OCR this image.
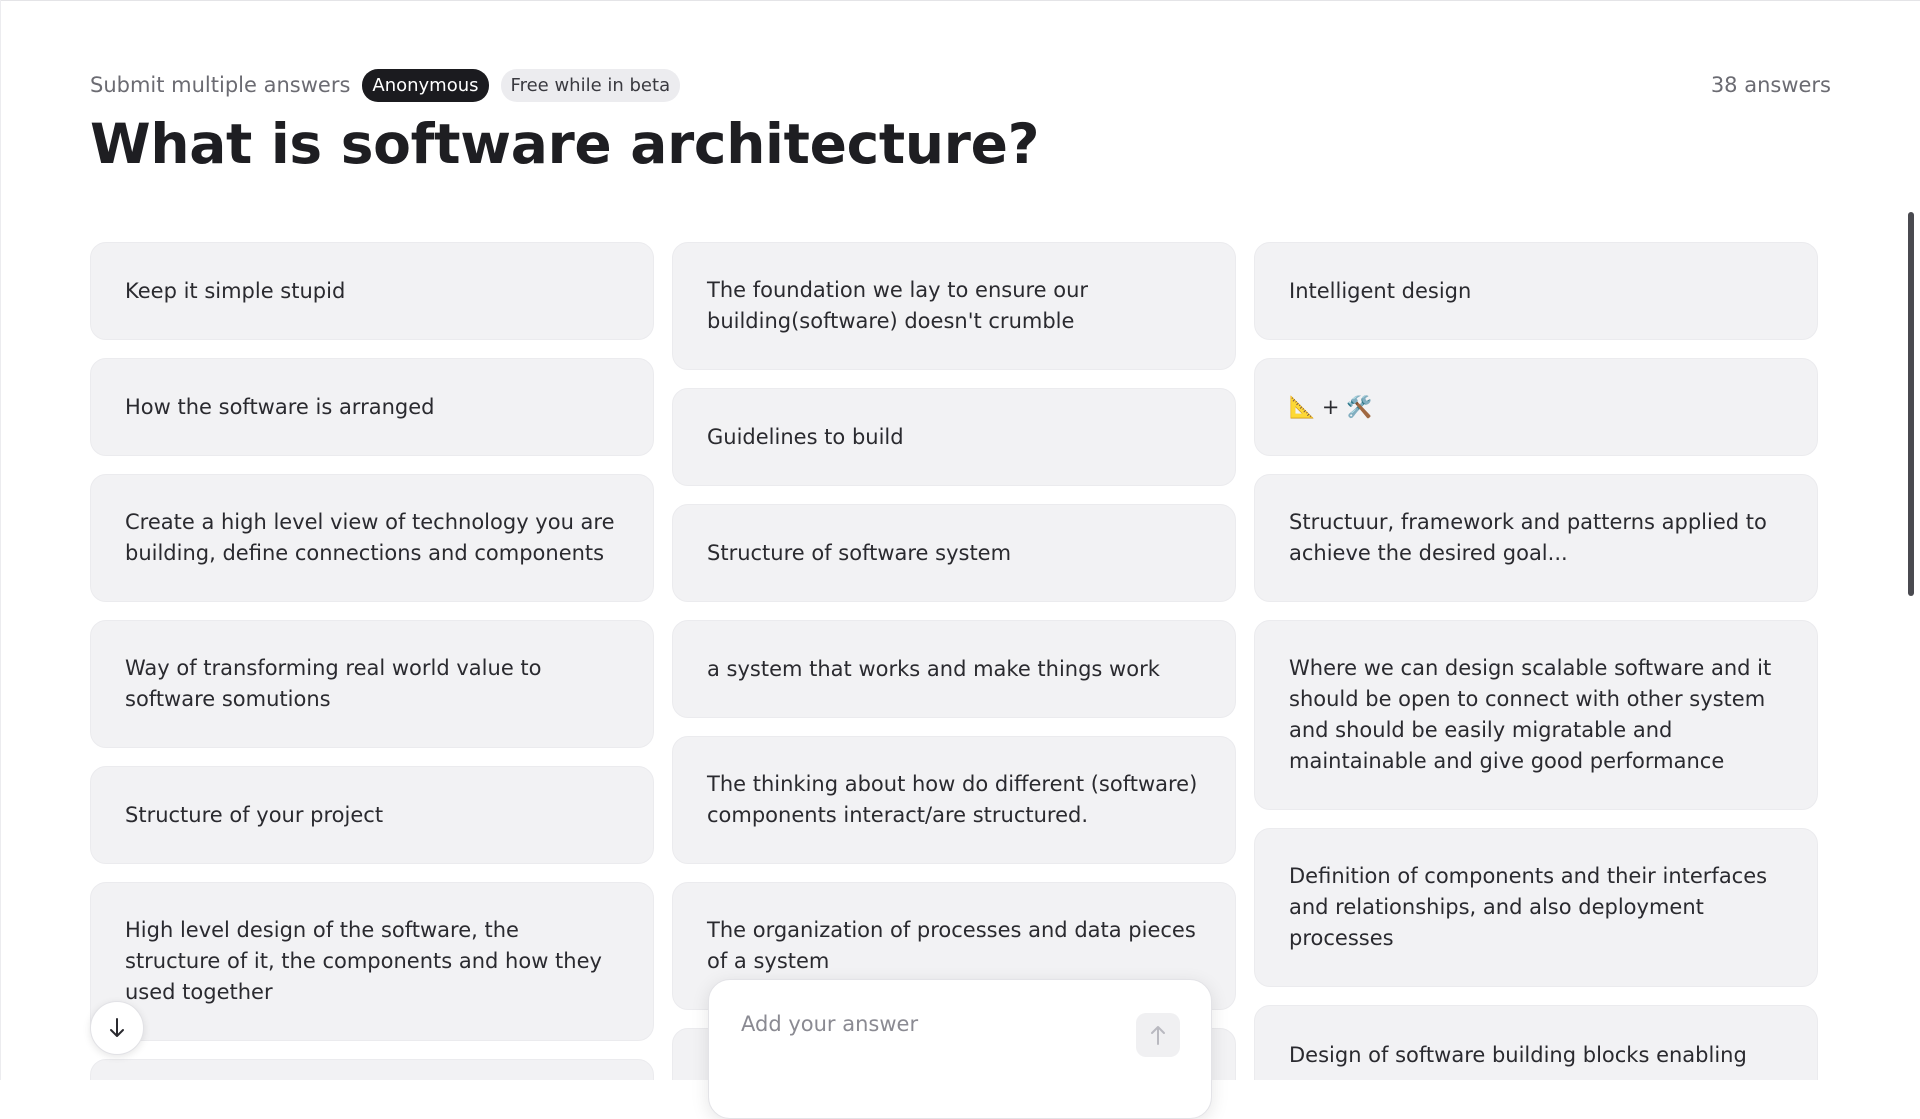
Submit multiple answers	Anonymous	Free while in beta	38 answers
What is software architecture?
Keep it simple stupid
How the software is arranged
Create a high level view of technology you are building, define connections and components
Way of transforming real world value to software somutions
Structure of your project
High level design of the software, the structure of it, the components and how they used together
The foundation we lay to ensure our building(software) doesn't crumble
Guidelines to build
Structure of software system
a system that works and make things work
The thinking about how do different (software) components interact/are structured.
The organization of processes and data pieces of a system
Intelligent design
📐 + 🛠️
Structuur, framework and patterns applied to achieve the desired goal...
Where we can design scalable software and it should be open to connect with other system and should be easily migratable and maintainable and give good performance
Definition of components and their interfaces and relationships, and also deployment processes
Design of software building blocks enabling
Add your answer
